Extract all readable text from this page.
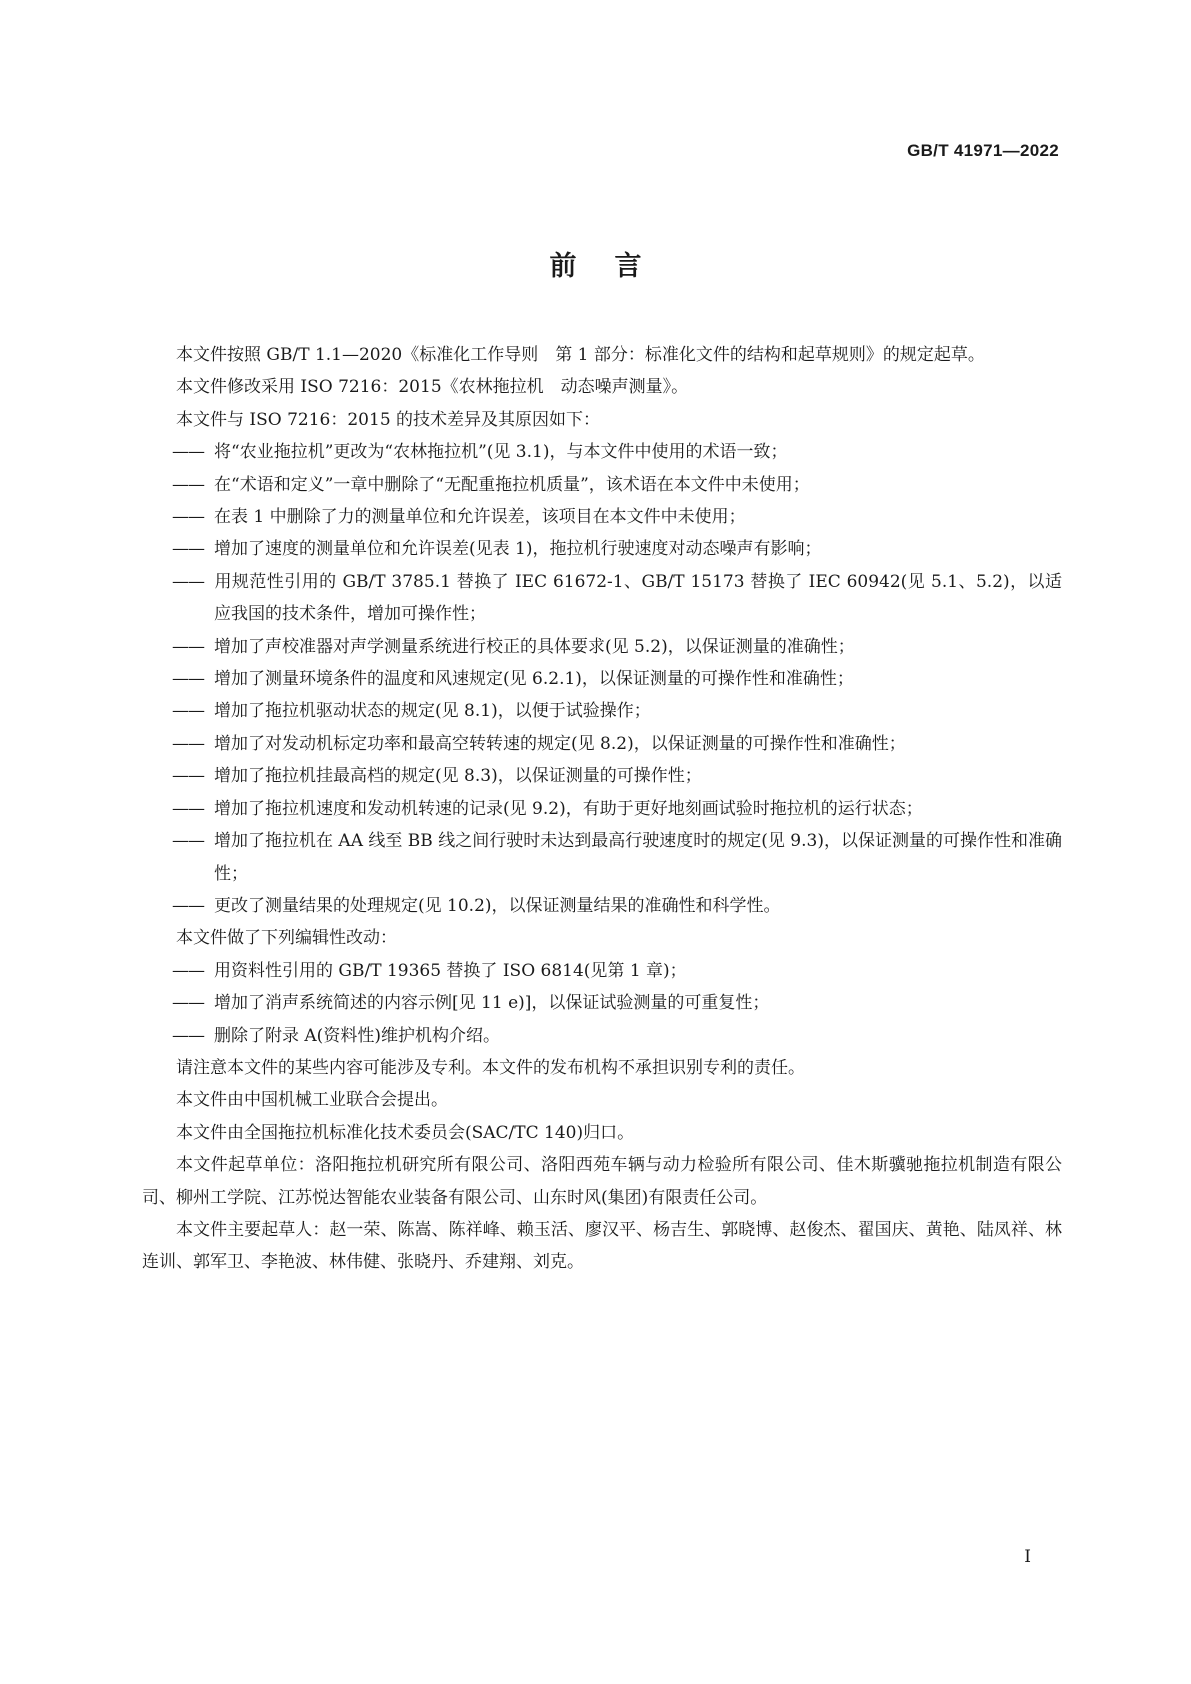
GB/T 41971—2022
前言

本文件按照 GB/T 1.1—2020《标准化工作导则　第 1 部分：标准化文件的结构和起草规则》的规定起草。

本文件修改采用 ISO 7216：2015《农林拖拉机　动态噪声测量》。

本文件与 ISO 7216：2015 的技术差异及其原因如下：

—— 将“农业拖拉机”更改为“农林拖拉机”(见 3.1)，与本文件中使用的术语一致；

—— 在“术语和定义”一章中删除了“无配重拖拉机质量”，该术语在本文件中未使用；

—— 在表 1 中删除了力的测量单位和允许误差，该项目在本文件中未使用；

—— 增加了速度的测量单位和允许误差(见表 1)，拖拉机行驶速度对动态噪声有影响；

—— 用规范性引用的 GB/T 3785.1 替换了 IEC 61672-1、GB/T 15173 替换了 IEC 60942(见 5.1、5.2)，以适应我国的技术条件，增加可操作性；

—— 增加了声校准器对声学测量系统进行校正的具体要求(见 5.2)，以保证测量的准确性；

—— 增加了测量环境条件的温度和风速规定(见 6.2.1)，以保证测量的可操作性和准确性；

—— 增加了拖拉机驱动状态的规定(见 8.1)，以便于试验操作；

—— 增加了对发动机标定功率和最高空转转速的规定(见 8.2)，以保证测量的可操作性和准确性；

—— 增加了拖拉机挂最高档的规定(见 8.3)，以保证测量的可操作性；

—— 增加了拖拉机速度和发动机转速的记录(见 9.2)，有助于更好地刻画试验时拖拉机的运行状态；

—— 增加了拖拉机在 AA 线至 BB 线之间行驶时未达到最高行驶速度时的规定(见 9.3)，以保证测量的可操作性和准确性；

—— 更改了测量结果的处理规定(见 10.2)，以保证测量结果的准确性和科学性。

本文件做了下列编辑性改动：

—— 用资料性引用的 GB/T 19365 替换了 ISO 6814(见第 1 章)；

—— 增加了消声系统简述的内容示例[见 11 e)]，以保证试验测量的可重复性；

—— 删除了附录 A(资料性)维护机构介绍。

请注意本文件的某些内容可能涉及专利。本文件的发布机构不承担识别专利的责任。

本文件由中国机械工业联合会提出。

本文件由全国拖拉机标准化技术委员会(SAC/TC 140)归口。

本文件起草单位：洛阳拖拉机研究所有限公司、洛阳西苑车辆与动力检验所有限公司、佳木斯骥驰拖拉机制造有限公司、柳州工学院、江苏悦达智能农业装备有限公司、山东时风(集团)有限责任公司。

本文件主要起草人：赵一荣、陈嵩、陈祥峰、赖玉活、廖汉平、杨吉生、郭晓博、赵俊杰、翟国庆、黄艳、陆凤祥、林连训、郭军卫、李艳波、林伟健、张晓丹、乔建翔、刘克。

I
